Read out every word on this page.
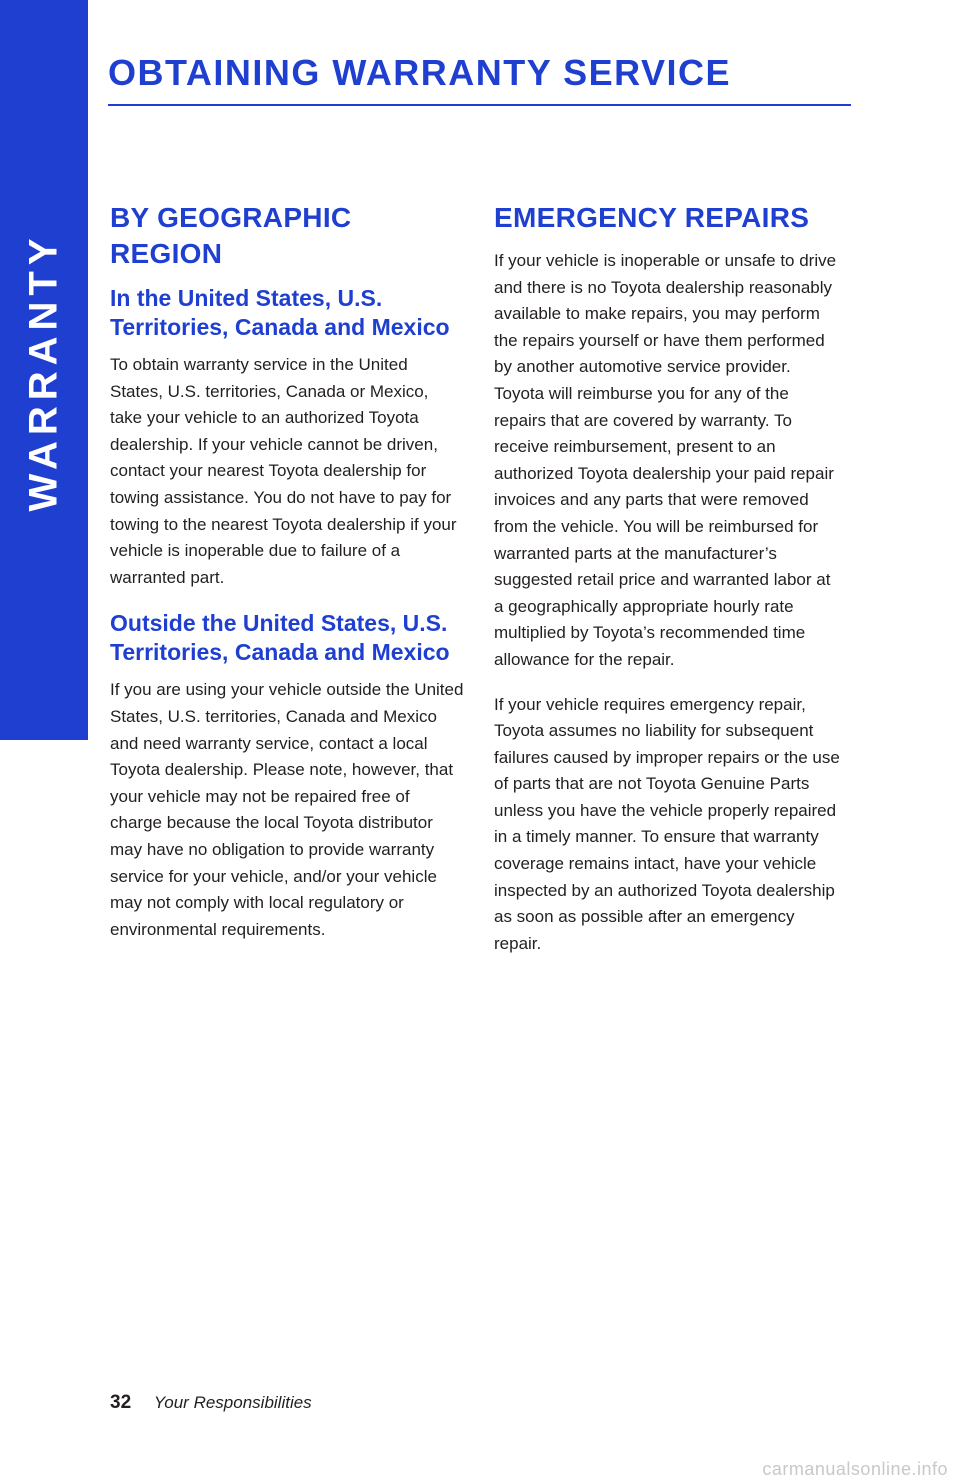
WARRANTY
OBTAINING WARRANTY SERVICE
BY GEOGRAPHIC REGION
In the United States, U.S. Territories, Canada and Mexico

To obtain warranty service in the United States, U.S. territories, Canada or Mexico, take your vehicle to an authorized Toyota dealership. If your vehicle cannot be driven, contact your nearest Toyota dealership for towing assistance. You do not have to pay for towing to the nearest Toyota dealership if your vehicle is inoperable due to failure of a warranted part.

Outside the United States, U.S. Territories, Canada and Mexico

If you are using your vehicle outside the United States, U.S. territories, Canada and Mexico and need warranty service, contact a local Toyota dealership. Please note, however, that your vehicle may not be repaired free of charge because the local Toyota distributor may have no obligation to provide warranty service for your vehicle, and/or your vehicle may not comply with local regulatory or environmental requirements.

EMERGENCY REPAIRS

If your vehicle is inoperable or unsafe to drive and there is no Toyota dealership reasonably available to make repairs, you may perform the repairs yourself or have them performed by another automotive service provider. Toyota will reimburse you for any of the repairs that are covered by warranty. To receive reimbursement, present to an authorized Toyota dealership your paid repair invoices and any parts that were removed from the vehicle. You will be reimbursed for warranted parts at the manufacturer’s suggested retail price and warranted labor at a geographically appropriate hourly rate multiplied by Toyota’s recommended time allowance for the repair.

If your vehicle requires emergency repair, Toyota assumes no liability for subsequent failures caused by improper repairs or the use of parts that are not Toyota Genuine Parts unless you have the vehicle properly repaired in a timely manner. To ensure that warranty coverage remains intact, have your vehicle inspected by an authorized Toyota dealership as soon as possible after an emergency repair.

32 Your Responsibilities
carmanualsonline.info
